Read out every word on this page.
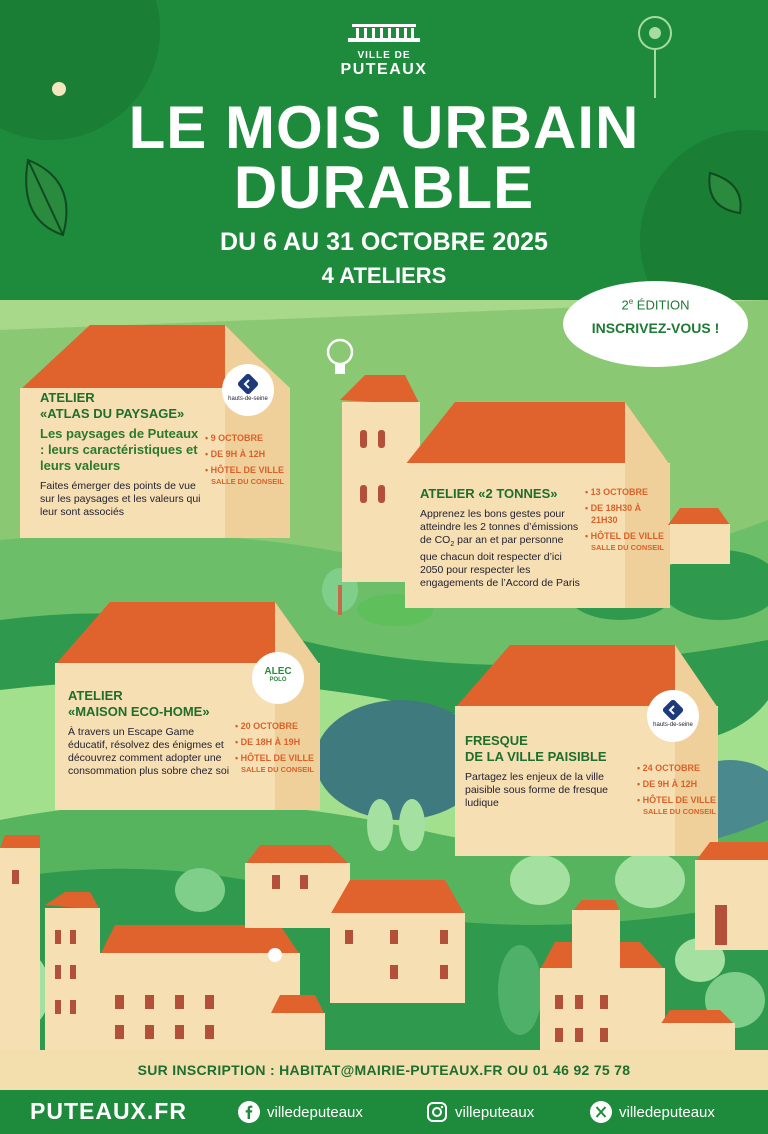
VILLE DE
PUTEAUX
LE MOIS URBAIN
DURABLE
DU 6 AU 31 OCTOBRE 2025
4 ATELIERS
2e ÉDITION
INSCRIVEZ-VOUS !
ATELIER
«ATLAS DU PAYSAGE»
Les paysages de Puteaux : leurs caractéristiques et leurs valeurs
Faites émerger des points de vue sur les paysages et les valeurs qui leur sont associés
hauts-de-seine
• 9 OCTOBRE
• DE 9H À 12H
• HÔTEL DE VILLE
SALLE DU CONSEIL
ATELIER «2 TONNES»
Apprenez les bons gestes pour atteindre les 2 tonnes d’émissions de $CO_2$ par an et par personne que chacun doit respecter d’ici 2050 pour respecter les engagements de l’Accord de Paris
• 13 OCTOBRE
• DE 18H30 À
21H30
• HÔTEL DE VILLE
SALLE DU CONSEIL
ATELIER
«MAISON ECO-HOME»
À travers un Escape Game éducatif, résolvez des énigmes et découvrez comment adopter une consommation plus sobre chez soi
ALEC
POLO
• 20 OCTOBRE
• DE 18H À 19H
• HÔTEL DE VILLE
SALLE DU CONSEIL
FRESQUE
DE LA VILLE PAISIBLE
Partagez les enjeux de la ville paisible sous forme de fresque ludique
hauts-de-seine
• 24 OCTOBRE
• DE 9H À 12H
• HÔTEL DE VILLE
SALLE DU CONSEIL
SUR INSCRIPTION : HABITAT@MAIRIE-PUTEAUX.FR OU 01 46 92 75 78
PUTEAUX.FR	villedeputeaux	villeputeaux	villedeputeaux
